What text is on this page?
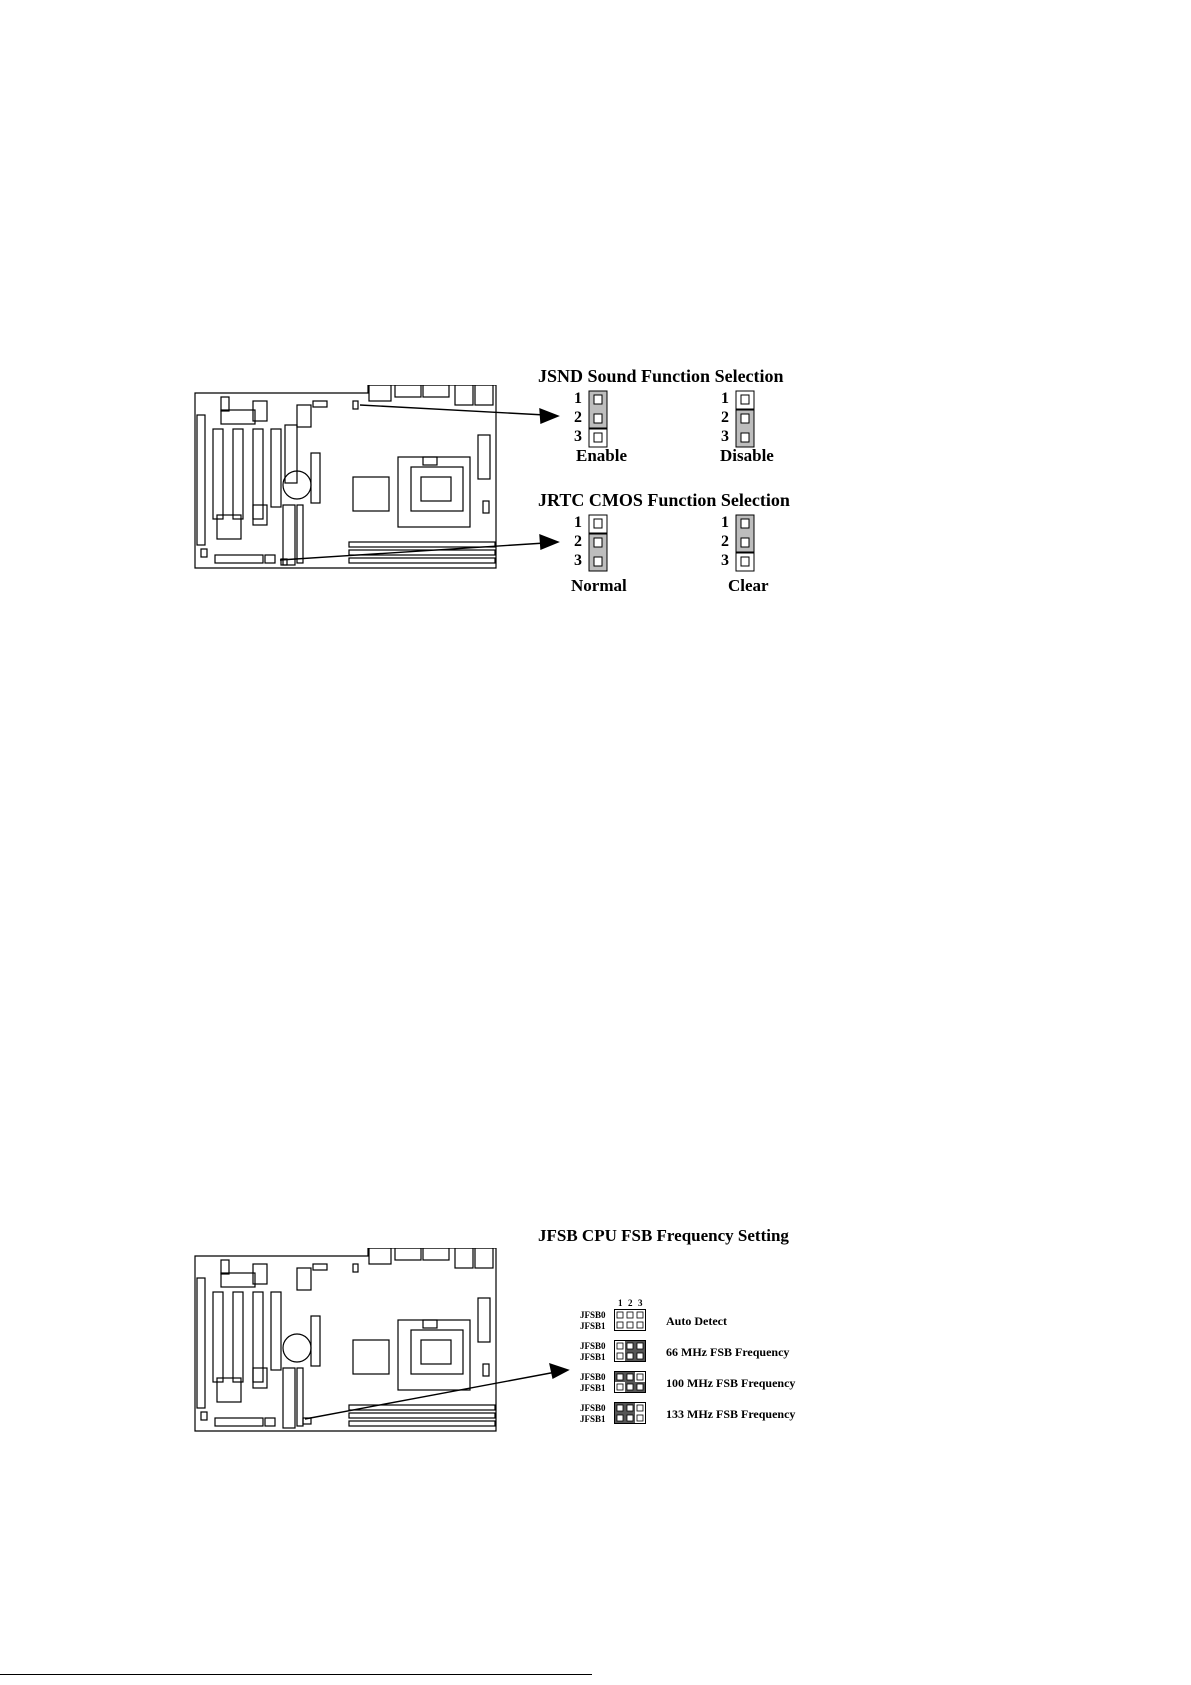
JSND Sound Function Selection
1
2
3
Enable
1
2
3
Disable
JRTC CMOS Function Selection
1
2
3
Normal
1
2
3
Clear
JFSB CPU FSB Frequency Setting
1 2 3
JFSB0
JFSB1	Auto Detect
JFSB0
JFSB1	66 MHz FSB Frequency
JFSB0
JFSB1	100 MHz FSB Frequency
JFSB0
JFSB1	133 MHz FSB Frequency
